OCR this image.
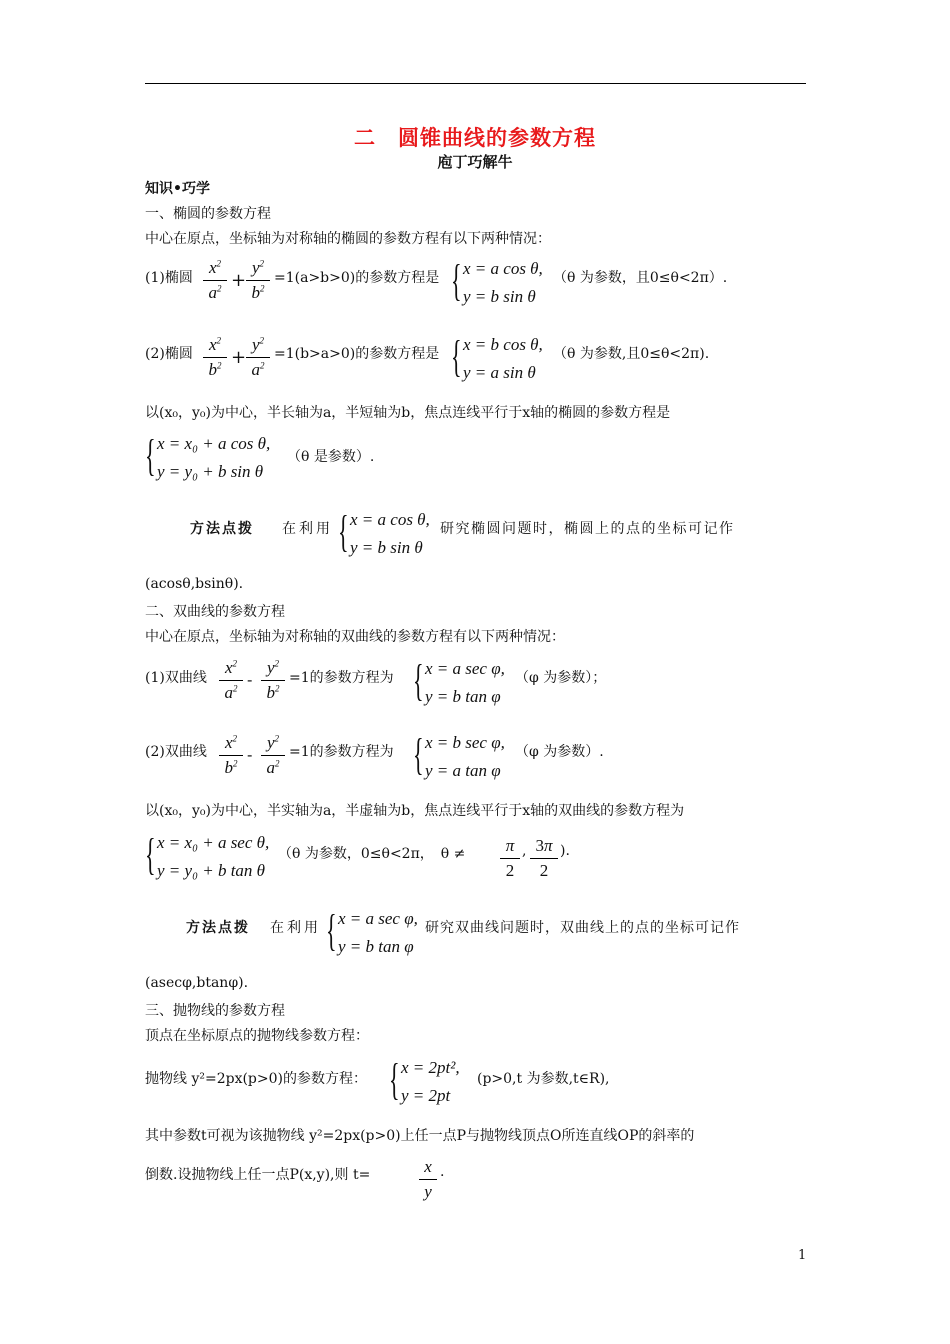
二　圆锥曲线的参数方程
庖丁巧解牛
知识•巧学
一、椭圆的参数方程
中心在原点，坐标轴为对称轴的椭圆的参数方程有以下两种情况：
(1)椭圆
$x^2$
$a^2$ +
$y^2$
$b^2$
=1(a>b>0)的参数方程是 { x = a cos θ,
y = b sin θ
（θ 为参数，且0≤θ<2π）.
(2)椭圆 $x^2$
$b^2$ +
$y^2$
$a^2$
=1(b>a>0)的参数方程是 { x = b cos θ,
y = a sin θ
（θ 为参数,且0≤θ<2π).
以(x₀，y₀)为中心，半长轴为a，半短轴为b，焦点连线平行于x轴的椭圆的参数方程是
{ x = x₀ + a cos θ,
y = y₀ + b sin θ
（θ 是参数）.
方法点拨 在利用 { x = a cos θ,
y = b sin θ
研究椭圆问题时，椭圆上的点的坐标可记作
(acosθ,bsinθ).
二、双曲线的参数方程
中心在原点，坐标轴为对称轴的双曲线的参数方程有以下两种情况：
(1)双曲线
$x^2$
$a^2$ -
$y^2$
$b^2$
=1的参数方程为 { x = a sec φ,
y = b tan φ
（φ 为参数）；
(2)双曲线	$x^2$
$b^2$ -
$y^2$
$a^2$
=1的参数方程为 { x = b sec φ,
y = a tan φ
（φ 为参数）.
以(x₀，y₀)为中心，半实轴为a，半虚轴为b，焦点连线平行于x轴的双曲线的参数方程为
{ x = x₀ + a sec θ,
y = y₀ + b tan θ
（θ 为参数，0≤θ<2π，　θ ≠	π
2
, 3π
2
).
方法点拨 在利用 { x = a sec φ,
y = b tan φ
研究双曲线问题时，双曲线上的点的坐标可记作
(asecφ,btanφ).
三、抛物线的参数方程
顶点在坐标原点的抛物线参数方程：
抛物线 y²=2px(p>0)的参数方程： { x = 2pt²,
y = 2pt
(p>0,t 为参数,t∈R),
其中参数t可视为该抛物线 y²=2px(p>0)上任一点P与抛物线顶点O所连直线OP的斜率的
倒数.设抛物线上任一点P(x,y),则 t=	x
y
.
1
